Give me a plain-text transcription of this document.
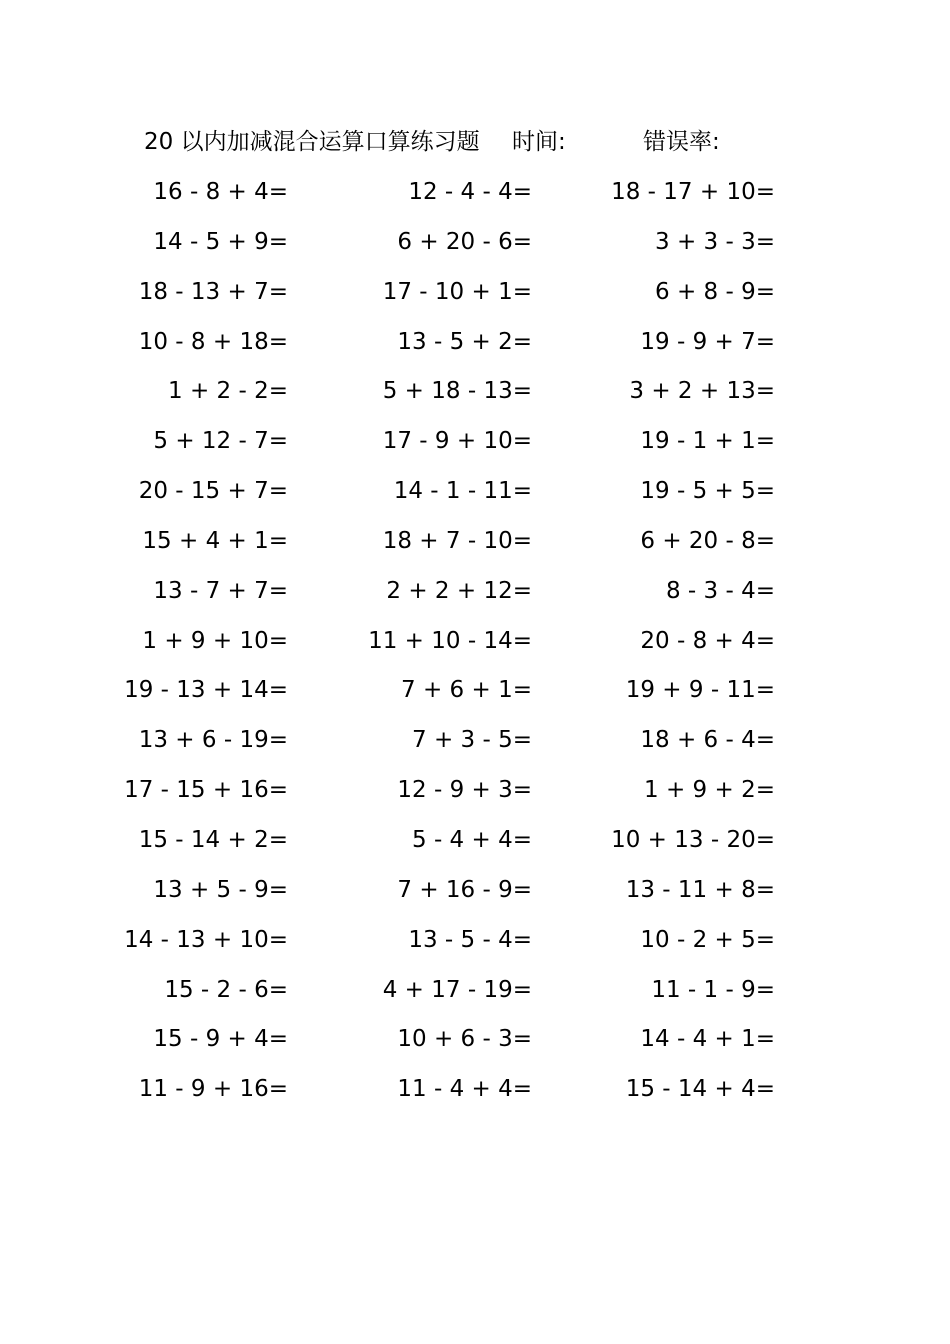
20 以内加减混合运算口算练习题 时间:	错误率:
16 - 8 + 4=	12 - 4 - 4=	18 - 17 + 10=
14 - 5 + 9=	6 + 20 - 6=	3 + 3 - 3=
18 - 13 + 7=	17 - 10 + 1=	6 + 8 - 9=
10 - 8 + 18=	13 - 5 + 2=	19 - 9 + 7=
1 + 2 - 2=	5 + 18 - 13=	3 + 2 + 13=
5 + 12 - 7=	17 - 9 + 10=	19 - 1 + 1=
20 - 15 + 7=	14 - 1 - 11=	19 - 5 + 5=
15 + 4 + 1=	18 + 7 - 10=	6 + 20 - 8=
13 - 7 + 7=	2 + 2 + 12=	8 - 3 - 4=
1 + 9 + 10=	11 + 10 - 14=	20 - 8 + 4=
19 - 13 + 14=	7 + 6 + 1=	19 + 9 - 11=
13 + 6 - 19=	7 + 3 - 5=	18 + 6 - 4=
17 - 15 + 16=	12 - 9 + 3=	1 + 9 + 2=
15 - 14 + 2=	5 - 4 + 4=	10 + 13 - 20=
13 + 5 - 9=	7 + 16 - 9=	13 - 11 + 8=
14 - 13 + 10=	13 - 5 - 4=	10 - 2 + 5=
15 - 2 - 6=	4 + 17 - 19=	11 - 1 - 9=
15 - 9 + 4=	10 + 6 - 3=	14 - 4 + 1=
11 - 9 + 16=	11 - 4 + 4=	15 - 14 + 4=
